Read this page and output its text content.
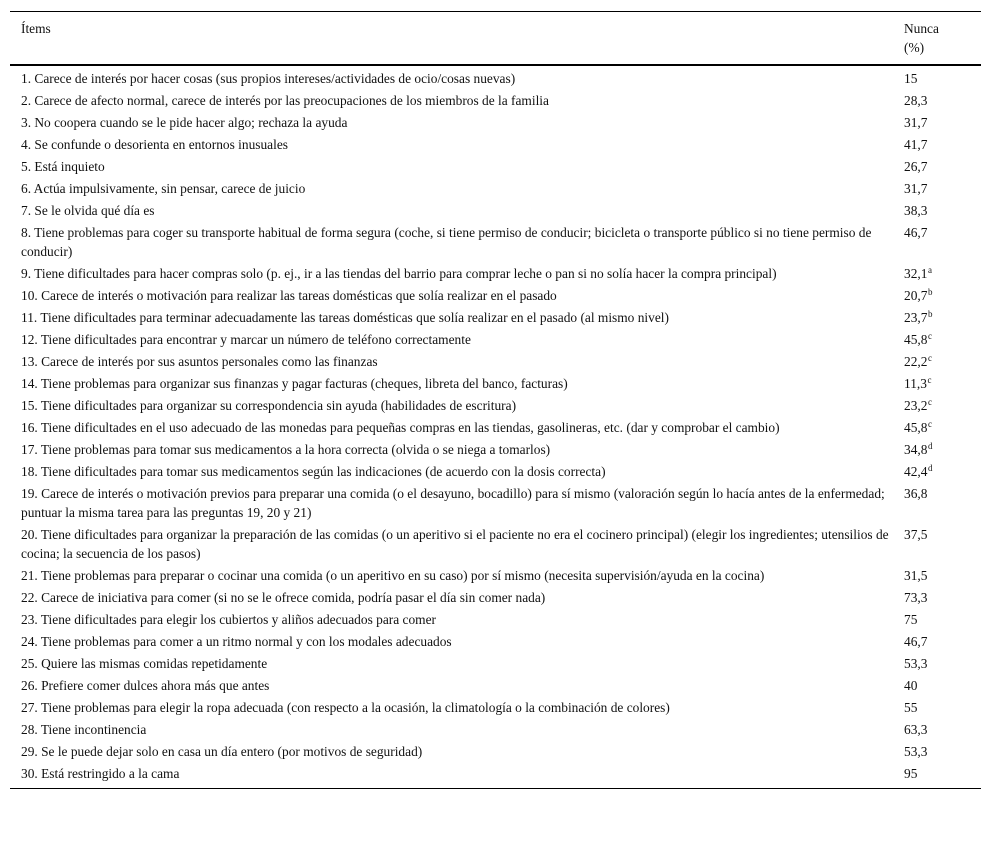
Ítems	Nunca
(%)
1. Carece de interés por hacer cosas (sus propios intereses/actividades de ocio/cosas nuevas)	15
2. Carece de afecto normal, carece de interés por las preocupaciones de los miembros de la familia	28,3
3. No coopera cuando se le pide hacer algo; rechaza la ayuda	31,7
4. Se confunde o desorienta en entornos inusuales	41,7
5. Está inquieto	26,7
6. Actúa impulsivamente, sin pensar, carece de juicio	31,7
7. Se le olvida qué día es	38,3
8. Tiene problemas para coger su transporte habitual de forma segura (coche, si tiene permiso de conducir; bicicleta o transporte público si no tiene permiso de conducir)	46,7
9. Tiene dificultades para hacer compras solo (p. ej., ir a las tiendas del barrio para comprar leche o pan si no solía hacer la compra principal)	32,1$^a$
10. Carece de interés o motivación para realizar las tareas domésticas que solía realizar en el pasado	20,7$^b$
11. Tiene dificultades para terminar adecuadamente las tareas domésticas que solía realizar en el pasado (al mismo nivel)	23,7$^b$
12. Tiene dificultades para encontrar y marcar un número de teléfono correctamente	45,8$^c$
13. Carece de interés por sus asuntos personales como las finanzas	22,2$^c$
14. Tiene problemas para organizar sus finanzas y pagar facturas (cheques, libreta del banco, facturas)	11,3$^c$
15. Tiene dificultades para organizar su correspondencia sin ayuda (habilidades de escritura)	23,2$^c$
16. Tiene dificultades en el uso adecuado de las monedas para pequeñas compras en las tiendas, gasolineras, etc. (dar y comprobar el cambio)	45,8$^c$
17. Tiene problemas para tomar sus medicamentos a la hora correcta (olvida o se niega a tomarlos)	34,8$^d$
18. Tiene dificultades para tomar sus medicamentos según las indicaciones (de acuerdo con la dosis correcta)	42,4$^d$
19. Carece de interés o motivación previos para preparar una comida (o el desayuno, bocadillo) para sí mismo (valoración según lo hacía antes de la enfermedad; puntuar la misma tarea para las preguntas 19, 20 y 21)	36,8
20. Tiene dificultades para organizar la preparación de las comidas (o un aperitivo si el paciente no era el cocinero principal) (elegir los ingredientes; utensilios de cocina; la secuencia de los pasos)	37,5
21. Tiene problemas para preparar o cocinar una comida (o un aperitivo en su caso) por sí mismo (necesita supervisión/ayuda en la cocina)	31,5
22. Carece de iniciativa para comer (si no se le ofrece comida, podría pasar el día sin comer nada)	73,3
23. Tiene dificultades para elegir los cubiertos y aliños adecuados para comer	75
24. Tiene problemas para comer a un ritmo normal y con los modales adecuados	46,7
25. Quiere las mismas comidas repetidamente	53,3
26. Prefiere comer dulces ahora más que antes	40
27. Tiene problemas para elegir la ropa adecuada (con respecto a la ocasión, la climatología o la combinación de colores)	55
28. Tiene incontinencia	63,3
29. Se le puede dejar solo en casa un día entero (por motivos de seguridad)	53,3
30. Está restringido a la cama	95
